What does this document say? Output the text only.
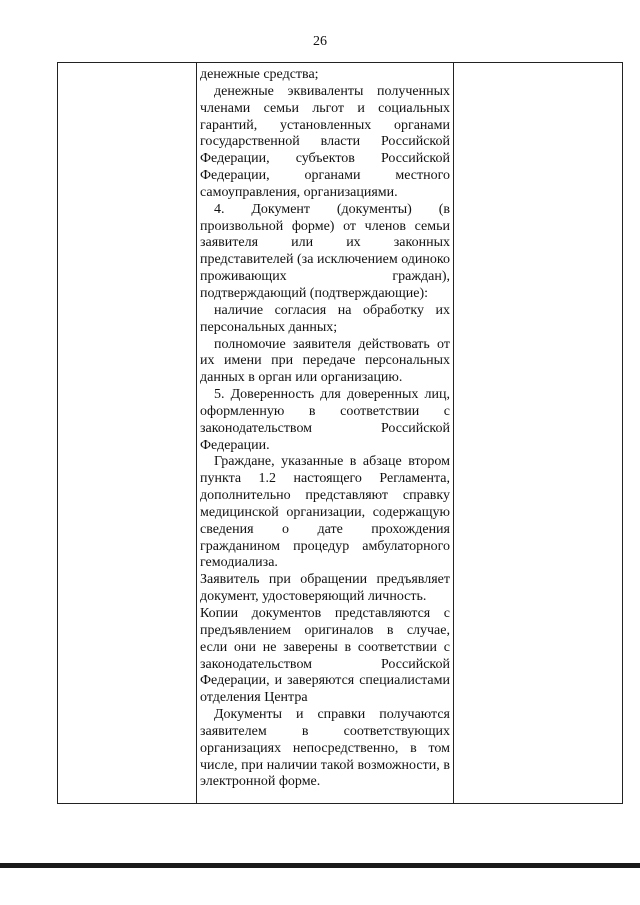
26

денежные средства;

денежные эквиваленты полученных членами семьи льгот и социальных гарантий, установленных органами государственной власти Российской Федерации, субъектов Российской Федерации, органами местного самоуправления, организациями.

4. Документ (документы) (в произвольной форме) от членов семьи заявителя или их законных представителей (за исключением одиноко проживающих граждан), подтверждающий (подтверждающие):

наличие согласия на обработку их персональных данных;

полномочие заявителя действовать от их имени при передаче персональных данных в орган или организацию.

5. Доверенность для доверенных лиц, оформленную в соответствии с законодательством Российской Федерации.

Граждане, указанные в абзаце втором пункта 1.2 настоящего Регламента, дополнительно представляют справку медицинской организации, содержащую сведения о дате прохождения гражданином процедур амбулаторного гемодиализа.

Заявитель при обращении предъявляет документ, удостоверяющий личность.

Копии документов представляются с предъявлением оригиналов в случае, если они не заверены в соответствии с законодательством Российской Федерации, и заверяются специалистами отделения Центра

Документы и справки получаются заявителем в соответствующих организациях непосредственно, в том числе, при наличии такой возможности, в электронной форме.
